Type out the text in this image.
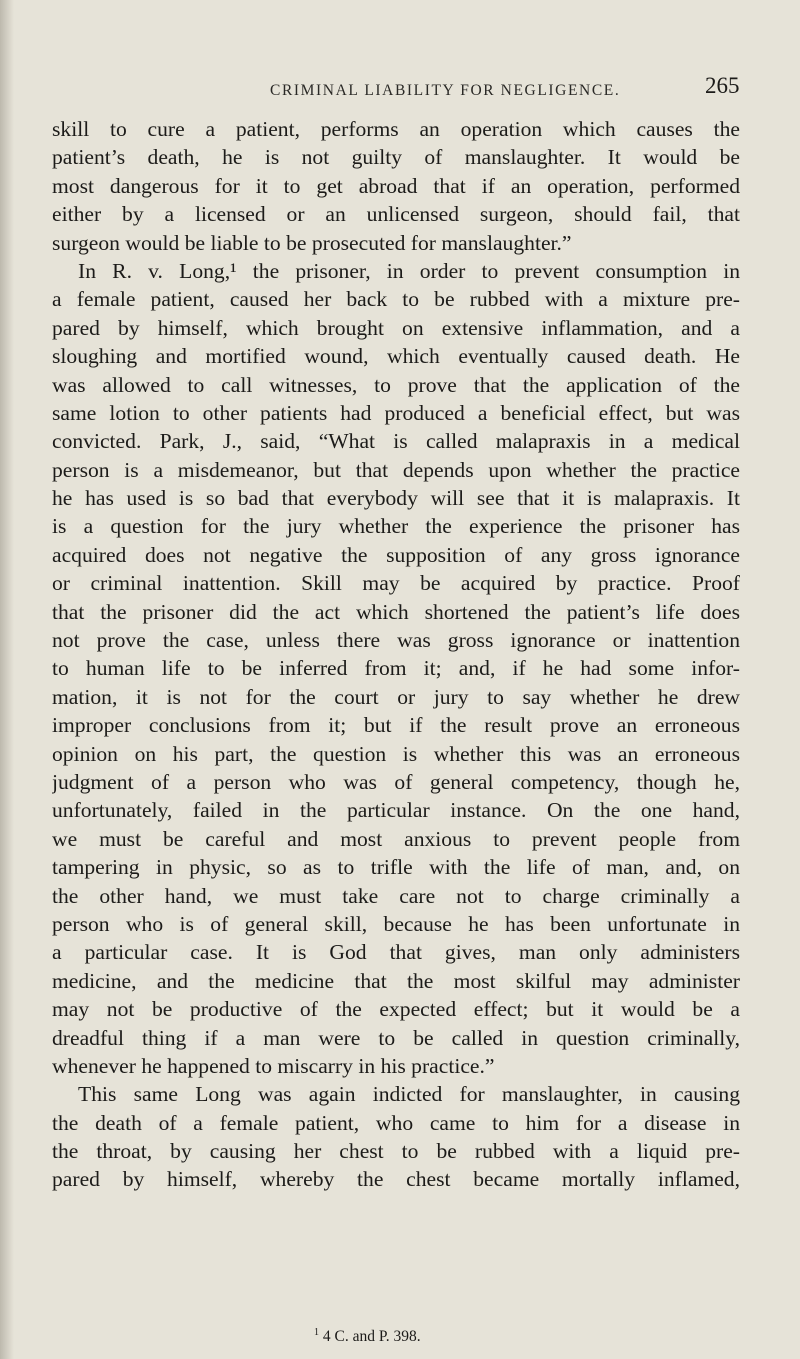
CRIMINAL LIABILITY FOR NEGLIGENCE.	265
skill to cure a patient, performs an operation which causes the
patient’s death, he is not guilty of manslaughter. It would be
most dangerous for it to get abroad that if an operation, performed
either by a licensed or an unlicensed surgeon, should fail, that
surgeon would be liable to be prosecuted for manslaughter.”
In R. v. Long,¹ the prisoner, in order to prevent consumption in
a female patient, caused her back to be rubbed with a mixture pre-
pared by himself, which brought on extensive inflammation, and a
sloughing and mortified wound, which eventually caused death. He
was allowed to call witnesses, to prove that the application of the
same lotion to other patients had produced a beneficial effect, but was
convicted. Park, J., said, “What is called malapraxis in a medical
person is a misdemeanor, but that depends upon whether the practice
he has used is so bad that everybody will see that it is malapraxis. It
is a question for the jury whether the experience the prisoner has
acquired does not negative the supposition of any gross ignorance
or criminal inattention. Skill may be acquired by practice. Proof
that the prisoner did the act which shortened the patient’s life does
not prove the case, unless there was gross ignorance or inattention
to human life to be inferred from it; and, if he had some infor-
mation, it is not for the court or jury to say whether he drew
improper conclusions from it; but if the result prove an erroneous
opinion on his part, the question is whether this was an erroneous
judgment of a person who was of general competency, though he,
unfortunately, failed in the particular instance. On the one hand,
we must be careful and most anxious to prevent people from
tampering in physic, so as to trifle with the life of man, and, on
the other hand, we must take care not to charge criminally a
person who is of general skill, because he has been unfortunate in
a particular case. It is God that gives, man only administers
medicine, and the medicine that the most skilful may administer
may not be productive of the expected effect; but it would be a
dreadful thing if a man were to be called in question criminally,
whenever he happened to miscarry in his practice.”
This same Long was again indicted for manslaughter, in causing
the death of a female patient, who came to him for a disease in
the throat, by causing her chest to be rubbed with a liquid pre-
pared by himself, whereby the chest became mortally inflamed,
$^1$ 4 C. and P. 398.
